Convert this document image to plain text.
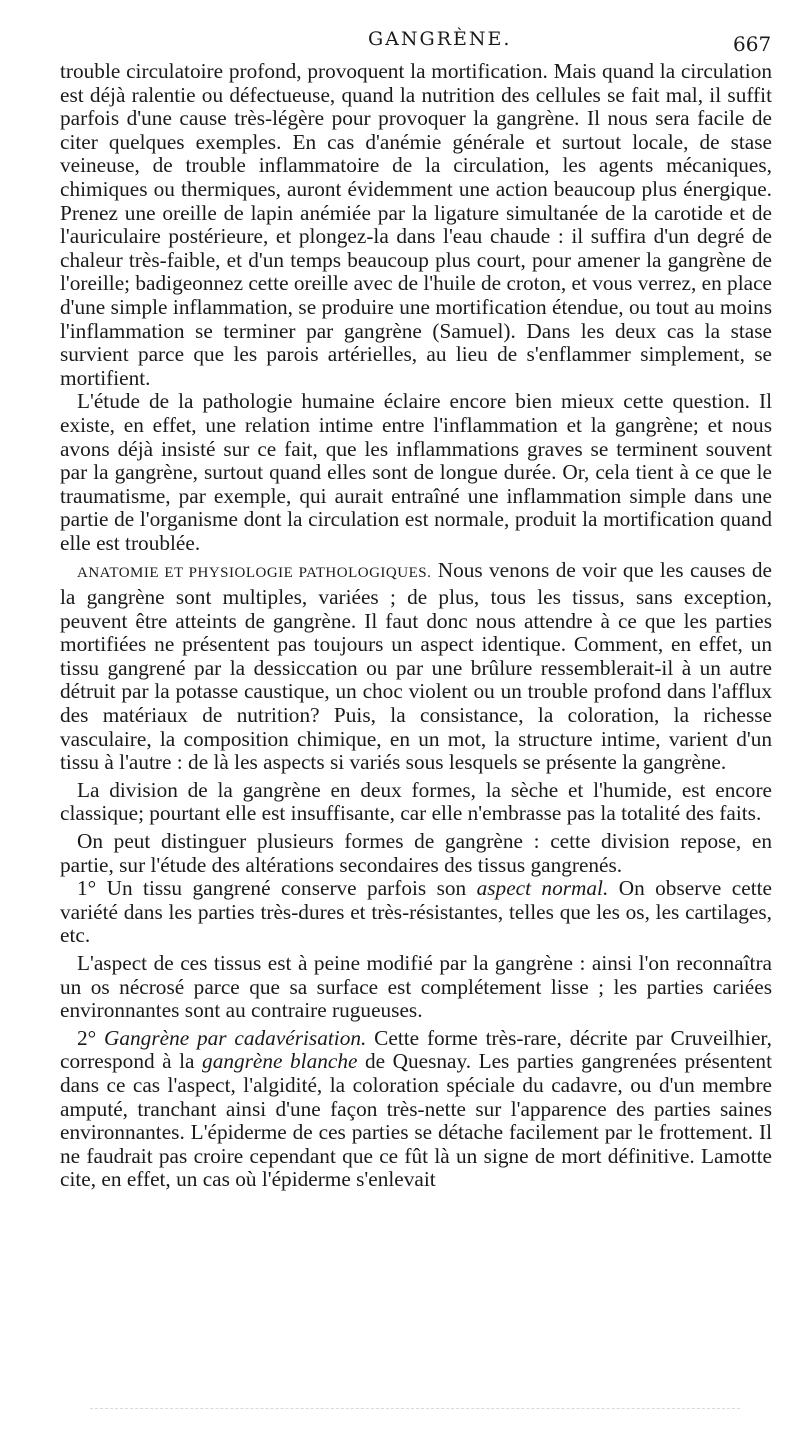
GANGRÈNE.	667

trouble circulatoire profond, provoquent la mortification. Mais quand la circulation est déjà ralentie ou défectueuse, quand la nutrition des cellules se fait mal, il suffit parfois d'une cause très-légère pour provoquer la gangrène. Il nous sera facile de citer quelques exemples. En cas d'anémie générale et surtout locale, de stase veineuse, de trouble inflammatoire de la circulation, les agents mécaniques, chimiques ou thermiques, auront évidemment une action beaucoup plus énergique. Prenez une oreille de lapin anémiée par la ligature simultanée de la carotide et de l'auriculaire postérieure, et plongez-la dans l'eau chaude : il suffira d'un degré de chaleur très-faible, et d'un temps beaucoup plus court, pour amener la gangrène de l'oreille; badigeonnez cette oreille avec de l'huile de croton, et vous verrez, en place d'une simple inflammation, se produire une mortification étendue, ou tout au moins l'inflammation se terminer par gangrène (Samuel). Dans les deux cas la stase survient parce que les parois artérielles, au lieu de s'enflammer simplement, se mortifient.

L'étude de la pathologie humaine éclaire encore bien mieux cette question. Il existe, en effet, une relation intime entre l'inflammation et la gangrène; et nous avons déjà insisté sur ce fait, que les inflammations graves se terminent souvent par la gangrène, surtout quand elles sont de longue durée. Or, cela tient à ce que le traumatisme, par exemple, qui aurait entraîné une inflammation simple dans une partie de l'organisme dont la circulation est normale, produit la mortification quand elle est troublée.

ANATOMIE ET PHYSIOLOGIE PATHOLOGIQUES. Nous venons de voir que les causes de la gangrène sont multiples, variées ; de plus, tous les tissus, sans exception, peuvent être atteints de gangrène. Il faut donc nous attendre à ce que les parties mortifiées ne présentent pas toujours un aspect identique. Comment, en effet, un tissu gangrené par la dessiccation ou par une brûlure ressemblerait-il à un autre détruit par la potasse caustique, un choc violent ou un trouble profond dans l'afflux des matériaux de nutrition? Puis, la consistance, la coloration, la richesse vasculaire, la composition chimique, en un mot, la structure intime, varient d'un tissu à l'autre : de là les aspects si variés sous lesquels se présente la gangrène.

La division de la gangrène en deux formes, la sèche et l'humide, est encore classique; pourtant elle est insuffisante, car elle n'embrasse pas la totalité des faits.

On peut distinguer plusieurs formes de gangrène : cette division repose, en partie, sur l'étude des altérations secondaires des tissus gangrenés.

1° Un tissu gangrené conserve parfois son aspect normal. On observe cette variété dans les parties très-dures et très-résistantes, telles que les os, les cartilages, etc.

L'aspect de ces tissus est à peine modifié par la gangrène : ainsi l'on reconnaîtra un os nécrosé parce que sa surface est complétement lisse ; les parties cariées environnantes sont au contraire rugueuses.

2° Gangrène par cadavérisation. Cette forme très-rare, décrite par Cruveilhier, correspond à la gangrène blanche de Quesnay. Les parties gangrenées présentent dans ce cas l'aspect, l'algidité, la coloration spéciale du cadavre, ou d'un membre amputé, tranchant ainsi d'une façon très-nette sur l'apparence des parties saines environnantes. L'épiderme de ces parties se détache facilement par le frottement. Il ne faudrait pas croire cependant que ce fût là un signe de mort définitive. Lamotte cite, en effet, un cas où l'épiderme s'enlevait
